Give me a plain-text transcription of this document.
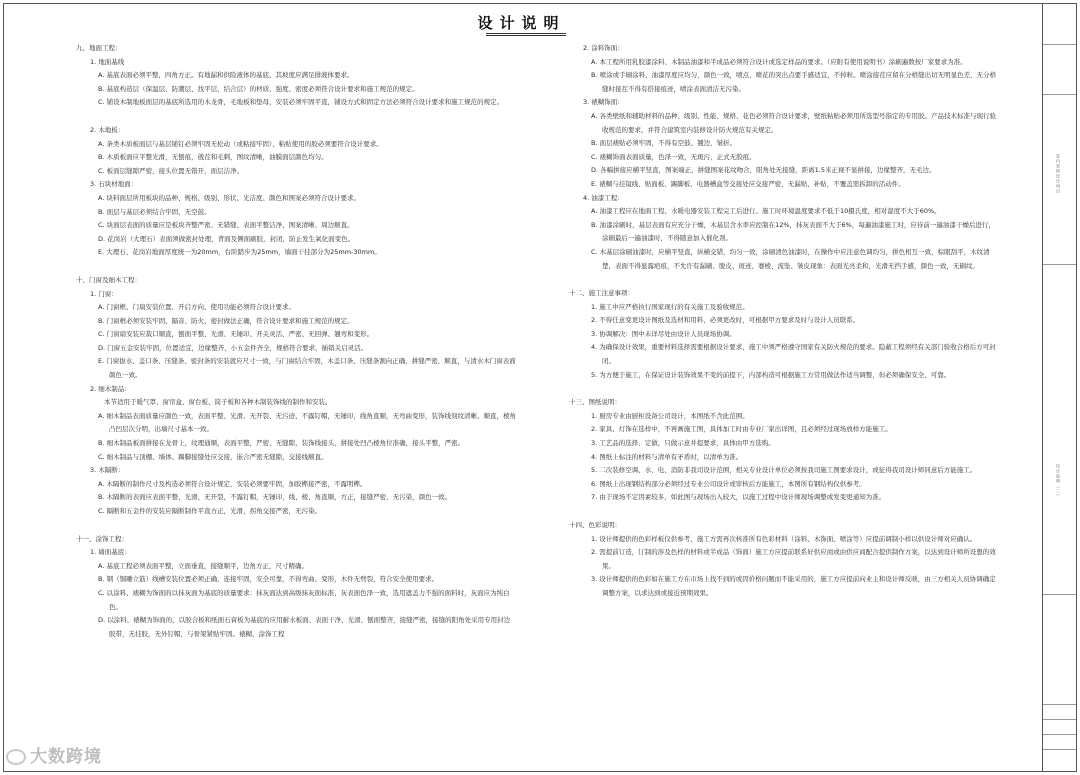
设计说明
九、地面工程：
1. 地面基线
A. 基底表面必须平整，四角方正。有地漏和供险液体的基底，其坡度应满足排液体要求。
B. 基底构造层（保温层、防潮层、找平层、结合层）的材质、强度、密度必须符合设计要求和施工规范的规定。
C. 铺设木制地板面层的基底所选用的木龙骨，毛地板和垫母，安装必须牢固平直，铺设方式和固定方法必须符合设计要求和施工规范的规定。
2. 木地板：
A. 条类木质板面层与基层铺钉必须牢固无松动（或粘接牢固），粘贴使用的胶必须要符合设计要求。
B. 木质板面应平整光滑，无刨痕，戗茬和毛刺，图纹清晰，油膜面层颜色均匀。
C. 板面层缝隙严密，接头位置无错开，面层洁净。
3. 石块材地面：
A. 块料面层所用板块的品种、规格、级别、形状、光洁度、颜色和图案必须符合设计要求。
B. 面层与基层必须结合牢固，无空鼓。
C. 块面层表面的质量应是板块齐整严密、无错缝、表面平整洁净、图案清晰、周边顺直。
D. 花岗岩（大理石）表面须做密封处理，背面及侧面刷胶，封闭，防止发生氧化面变色。
E. 大理石、花岗岩地面厚度统一为20mm，台阶踏步为25mm，墙面干挂部分为25mm-30mm。
十、门窗及细木工程：
1. 门窗：
A. 门窗框、门扇安装位置、开启方向、使用功能必须符合设计要求。
B. 门窗框必须安装牢固、隔音、防火、密封做法正确，符合设计要求和施工规范的规定。
C. 门窗扇安装应裁口顺直，刨面平整、光滑、无锤印、开关灵活、严密、无回弹、翘弯和变形。
D. 门窗五金安装牢固，位置适宜，边缘整齐，小五金件齐全，规格符合要求，插销关启灵活。
E. 门窗拔水、盖口条、压缝条、密封条的安装就应尺寸一致，与门窗结合牢固，木盖口条、压缝条割向正确，拼缝严密，顺直，与清水木门窗表面颜色一致。
2. 细木制品：
本节适用于暖气罩、窗帘盒、窗台板、筒子板和各种木制装饰线的制作和安装。
A. 细木制品表面质量应颜色一致，表面平整、光滑、无开裂、无污迹、不露钉帽，无锤印，线角直顺，无弯曲变形，装饰线刻纹清晰、顺直，棱角凸凹层次分明，出墙尺寸基本一致。
B. 细木制品板面拼接在龙骨上，纹理通顺，表面平整，严密，无缝隙，装饰线接头，拼接处凹凸棱角位准确，接头平整，严密。
C. 细木制品与顶棚、墙体、踢脚接缝处应交接，嵌合严密无缝隙，交接线顺直。
3. 木隔断：
A. 木隔断的制作尺寸及构造必须符合设计规定，安装必须要牢固，加胶榫接严密，不露明榫。
B. 木隔断的表面应表面平整、光滑，无开裂，不露钉帽，无锤印，线、棱、角直顺，方正，接缝严密，无污染，颜色一致。
C. 隔断和五金件的安装应隔断制作平直方正，光滑，拐角交接严密，无污染。
十一、涂饰工程：
1. 墙面基底：
A. 基底工程必须表面平整，立面垂直，接缝顺平，边角方正，尺寸精确。
B. 钢（铜雕立筋）线槽安装位置必须正确，连接牢固，安全可靠，不得弯曲、变形，木件无劈裂，符合安全使用要求。
C. 以涂料、裱糊为饰面的以抹灰面为基底的质量要求：抹灰面达到高级抹灰面标准、灰表面色泽一致，选用遮盖力不强的面料时，灰面应为纯白色。
D. 以涂料、裱糊为饰面的，以胶合板和纸面石膏板为基底的应用耐水板面、表面干净、光滑、刨面整齐，接缝严密，接缝的阳角处采用专用封边胶带，无挂胶，无外钉帽，与骨架紧贴牢固。裱糊、涂饰工程
2. 涂料饰面：
A. 本工程所用乳胶漆涂料、木制品油漆和半成品必须符合设计或选定样品的要求。（应附有使用说明书）涂刷遍数按厂家要求为准。
B. 喷涂或手刷涂料，油漆厚度应均匀，颜色一致，喷点，喷花的突出点要手感适宜，不掉粒。喷涂接茬应留在分格缝出切无明显色差，无分格缝时接茬不得有搭接痕迹，喷涂表面清洁无污染。
3. 裱糊饰面：
A. 各类壁纸和辅助材料的品种、级别、性能、规格、花色必须符合设计要求，壁纸粘贴必须用所选型号指定的专用胶。产品技术标准与现行验收规范的要求，并符合建筑室内装修设计防火规范有关规定。
B. 面层裱贴必须牢固，不得有空鼓、翘边，皱折。
C. 裱糊饰面表面质量，色泽一致，无斑污，正式无胶痕。
D. 各幅拼接应横平竖直，图案端正，拼缝图案花纹吻合，阳角处无接缝，距离1.5米正视不显拼接，边缘整齐，无毛边。
E. 裱糊与挂镜线、贴面板、踢脚板、电器槽盒等交接处应交接严密，无漏贴、补贴，不覆盖需拆卸的活动件。
4. 油漆工程：
A. 油漆工程应在地面工程、水暖电器安装工程完工后进行。施工时环境温度要求不低于10摄氏度，相对湿度不大于60%。
B. 油漆涂刷时，基层表面有应充分干燥，木基层含水率应控制在12%，抹灰表面不大于6%，每遍油漆施工时，应待前一遍油漆干燥后进行，涂刷最后一遍油漆时，不得随意加入催化剂。
C. 木基层涂刷油漆时，应横平竖直，纵横交错，均匀一致，涂刷清色油漆时，在操作中应注意色调均匀，拼色相互一致，棕眼刮平，木纹清楚，表面不得显露疤痕，不允许有漏刷、脱皮、斑迹、褰棱、流坠、皱皮现象：表面光亮柔和，光滑无挡手感，颜色一致，无刷纹。
十二、施工注意事项：
1. 施工中应严格执行国家现行的有关施工及验收规范。
2. 不得任意变更设计图纸及选材和用料，必须更改时，可根据甲方要求及时与设计人员联系。
3. 协调解决：图中未详尽处由设计人员现场协调。
4. 为确保设计效果，重要材料选择需要根据设计要求，施工中须严格遵守国家有关防火规范的要求。隐蔽工程须经有关部门验收合格后方可封闭。
5. 为方便于施工，在保证设计装饰效果不变的前提下，内部构造可根据施工方常用做法作适当调整，但必须确保安全、可靠。
十三、图纸说明：
1. 厨房专业由厨柜设备公司设计，本图纸不含此范围。
2. 家具、灯饰在选样中，不再画施工图，具体加工时由专业厂家出详图，且必须经过现场放样方能施工。
3. 工艺品的选择、定做，只做示意并提要求，具体由甲方选购。
4. 图纸上标注的材料与清单有矛盾时，以清单为准。
5. 二次装修空调、水、电、消防非我司设计范围，相关专业设计单位必须按我司施工图要求设计，或征得我司设计师同意后方能施工。
6. 图纸上出现钢结构部分必须经过专业公司设计或审核后方能施工，本图所有钢结构仅供参考。
7. 由于现场不定因素较多，如此图与现场出入较大，以施工过程中设计师现场调整或发变更通知为准。
十四、色彩说明：
1. 设计师提供的色彩样板仅供参考，施工方需再次核准所有色彩材料（涂料、木饰面、喷涂等）应提前调制小样以供设计师对应确认。
2. 需提前订造，订制的涉及色样的材料或半成品（饰面）施工方应提前联系好供应商或由供应商配合提供制作方案，以达到设计师所设想的效果。
3. 设计师提供的色彩如在施工方在市场上找不到的或因价格问题而不能采用的，施工方应提前向业主和设计师反映，由三方相关人员协调确定调整方案，以求达到或接近预期效果。
室内装饰设计项目
设计说明（二）
大数跨境
